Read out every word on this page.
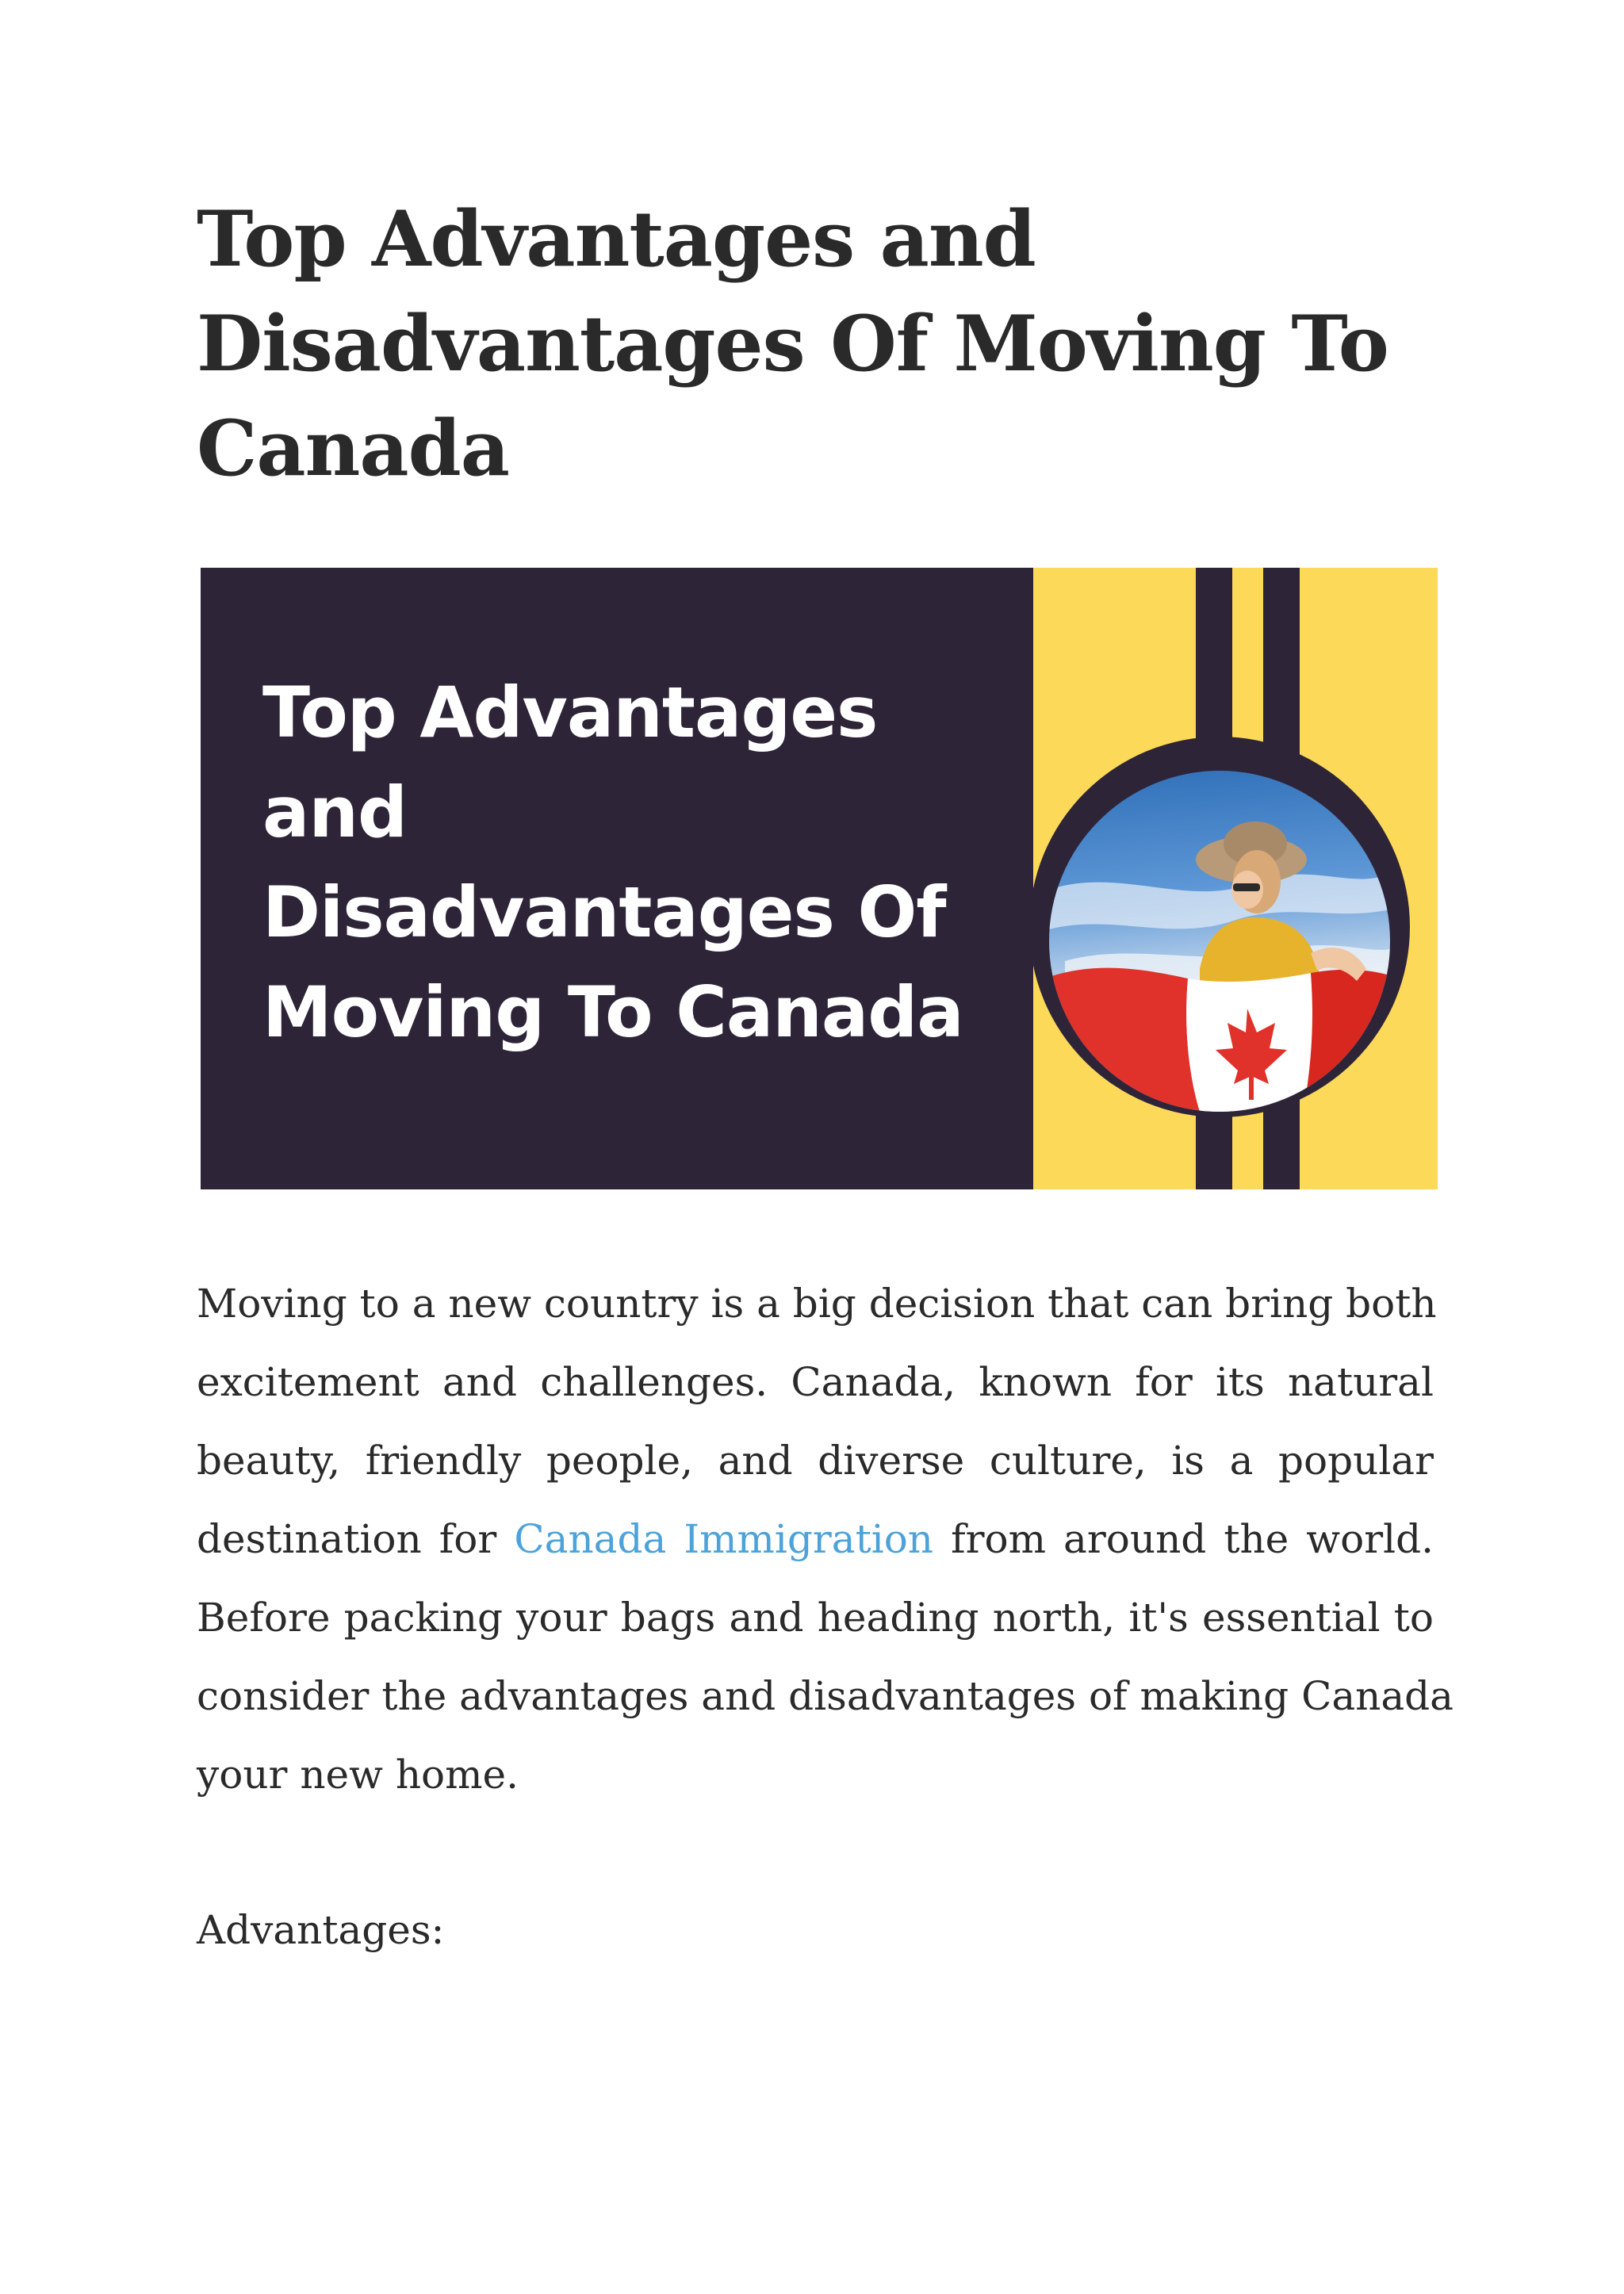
Top Advantages and
Disadvantages Of Moving To
Canada
Top Advantages
and
Disadvantages Of
Moving To Canada
Moving to a new country is a big decision that can bring both
excitement and challenges. Canada, known for its natural
beauty, friendly people, and diverse culture, is a popular
destination for Canada Immigration from around the world.
Before packing your bags and heading north, it's essential to
consider the advantages and disadvantages of making Canada
your new home.
Advantages:
